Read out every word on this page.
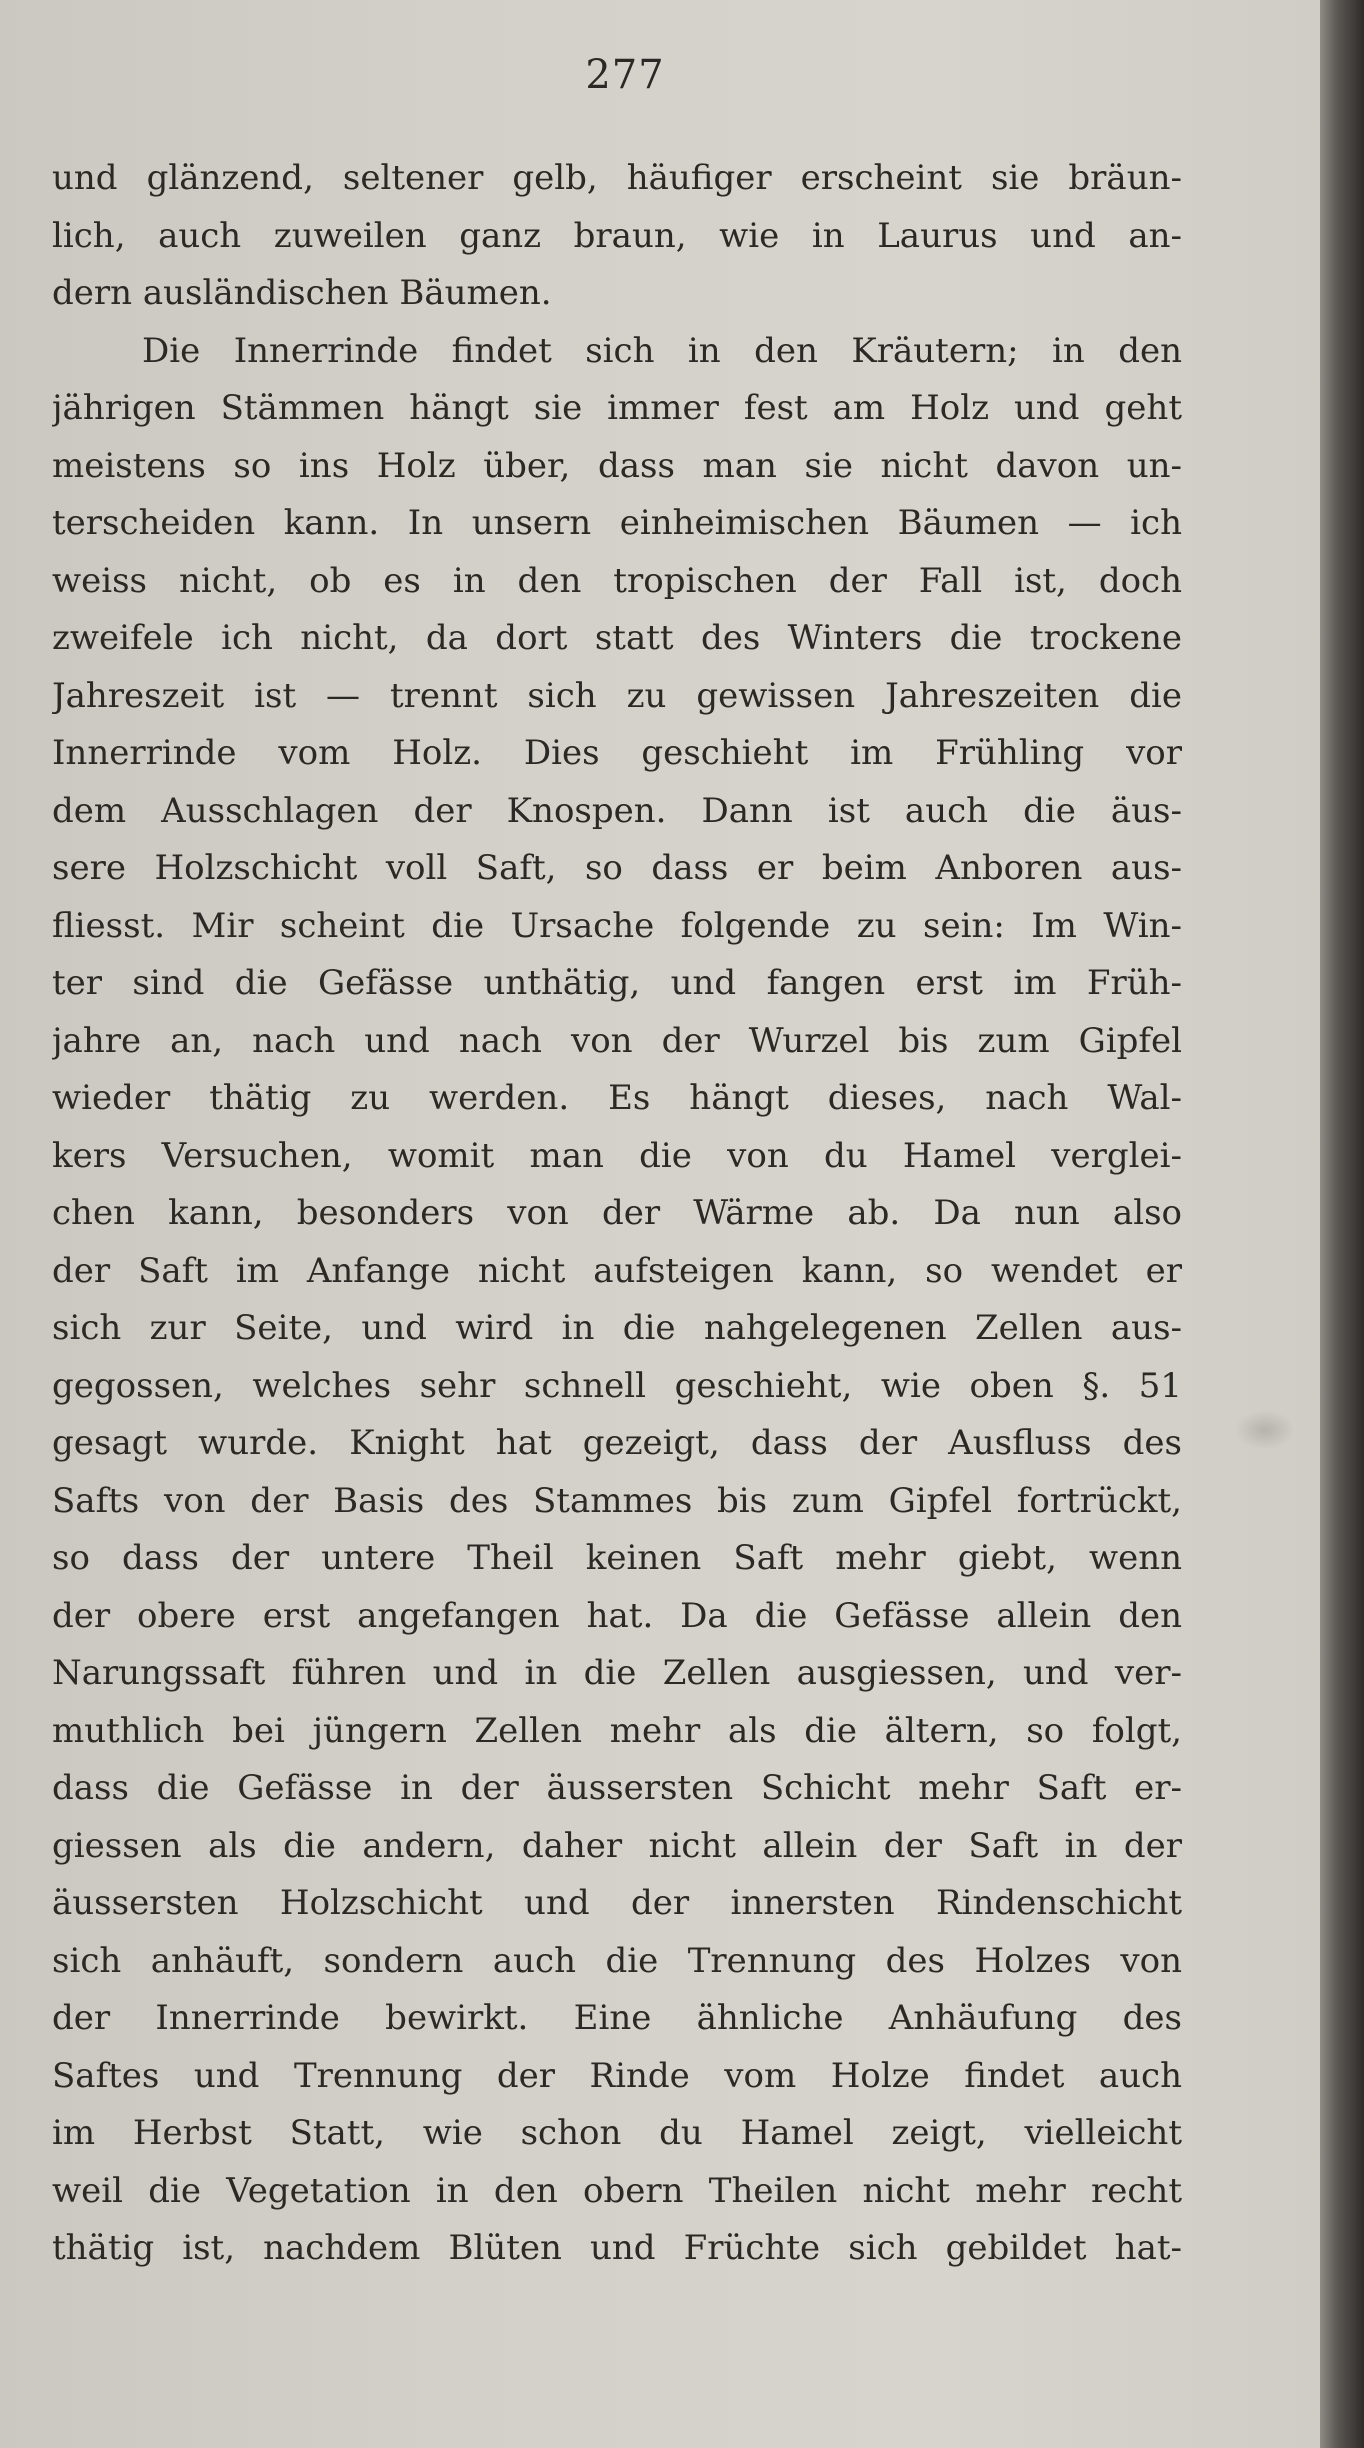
277
und glänzend, seltener gelb, häufiger erscheint sie bräun-
lich, auch zuweilen ganz braun, wie in Laurus und an-
dern ausländischen Bäumen.
Die Innerrinde findet sich in den Kräutern; in den
jährigen Stämmen hängt sie immer fest am Holz und geht
meistens so ins Holz über, dass man sie nicht davon un-
terscheiden kann. In unsern einheimischen Bäumen — ich
weiss nicht, ob es in den tropischen der Fall ist, doch
zweifele ich nicht, da dort statt des Winters die trockene
Jahreszeit ist — trennt sich zu gewissen Jahreszeiten die
Innerrinde vom Holz. Dies geschieht im Frühling vor
dem Ausschlagen der Knospen. Dann ist auch die äus-
sere Holzschicht voll Saft, so dass er beim Anboren aus-
fliesst. Mir scheint die Ursache folgende zu sein: Im Win-
ter sind die Gefässe unthätig, und fangen erst im Früh-
jahre an, nach und nach von der Wurzel bis zum Gipfel
wieder thätig zu werden. Es hängt dieses, nach Wal-
kers Versuchen, womit man die von du Hamel verglei-
chen kann, besonders von der Wärme ab. Da nun also
der Saft im Anfange nicht aufsteigen kann, so wendet er
sich zur Seite, und wird in die nahgelegenen Zellen aus-
gegossen, welches sehr schnell geschieht, wie oben §. 51
gesagt wurde. Knight hat gezeigt, dass der Ausfluss des
Safts von der Basis des Stammes bis zum Gipfel fortrückt,
so dass der untere Theil keinen Saft mehr giebt, wenn
der obere erst angefangen hat. Da die Gefässe allein den
Narungssaft führen und in die Zellen ausgiessen, und ver-
muthlich bei jüngern Zellen mehr als die ältern, so folgt,
dass die Gefässe in der äussersten Schicht mehr Saft er-
giessen als die andern, daher nicht allein der Saft in der
äussersten Holzschicht und der innersten Rindenschicht
sich anhäuft, sondern auch die Trennung des Holzes von
der Innerrinde bewirkt. Eine ähnliche Anhäufung des
Saftes und Trennung der Rinde vom Holze findet auch
im Herbst Statt, wie schon du Hamel zeigt, vielleicht
weil die Vegetation in den obern Theilen nicht mehr recht
thätig ist, nachdem Blüten und Früchte sich gebildet hat-
